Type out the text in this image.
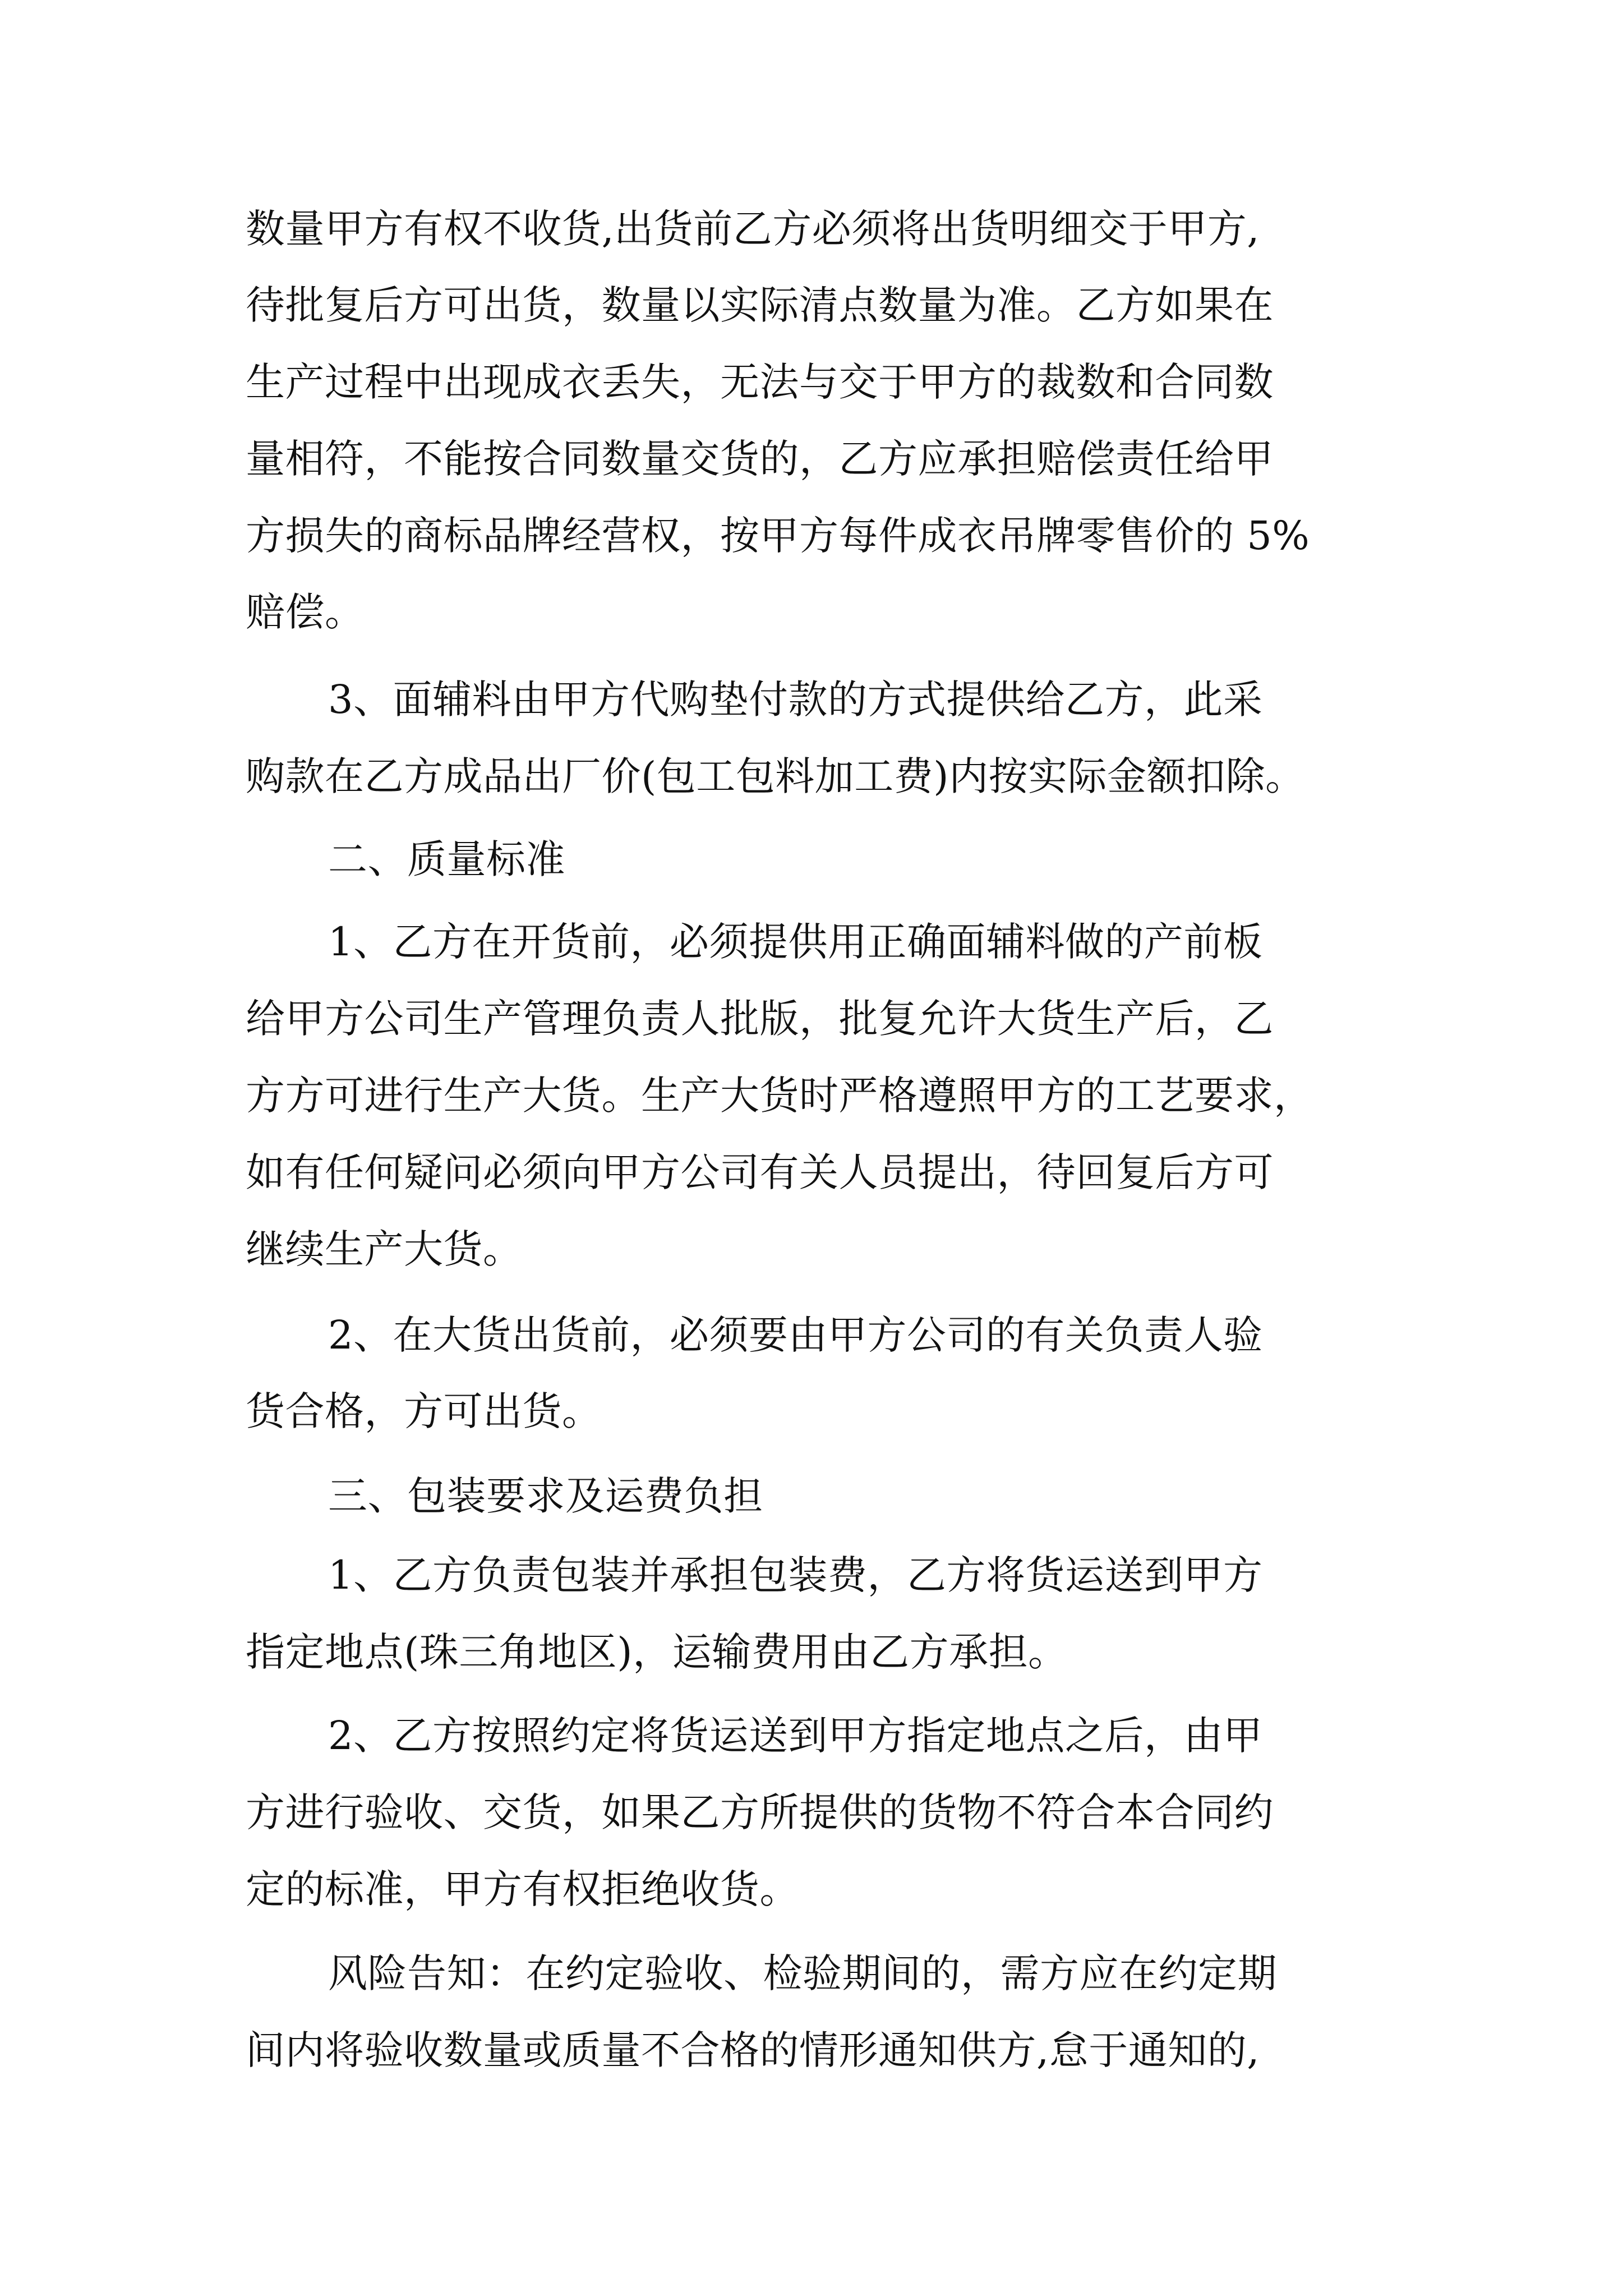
数量甲方有权不收货,出货前乙方必须将出货明细交于甲方,
待批复后方可出货，数量以实际清点数量为准。乙方如果在
生产过程中出现成衣丢失，无法与交于甲方的裁数和合同数
量相符，不能按合同数量交货的，乙方应承担赔偿责任给甲
方损失的商标品牌经营权，按甲方每件成衣吊牌零售价的 5%
赔偿。
3、面辅料由甲方代购垫付款的方式提供给乙方，此采
购款在乙方成品出厂价(包工包料加工费)内按实际金额扣除。
二、质量标准
1、乙方在开货前，必须提供用正确面辅料做的产前板
给甲方公司生产管理负责人批版，批复允许大货生产后，乙
方方可进行生产大货。生产大货时严格遵照甲方的工艺要求，
如有任何疑问必须向甲方公司有关人员提出，待回复后方可
继续生产大货。
2、在大货出货前，必须要由甲方公司的有关负责人验
货合格，方可出货。
三、包装要求及运费负担
1、乙方负责包装并承担包装费，乙方将货运送到甲方
指定地点(珠三角地区)，运输费用由乙方承担。
2、乙方按照约定将货运送到甲方指定地点之后，由甲
方进行验收、交货，如果乙方所提供的货物不符合本合同约
定的标准，甲方有权拒绝收货。
风险告知：在约定验收、检验期间的，需方应在约定期
间内将验收数量或质量不合格的情形通知供方,怠于通知的,
